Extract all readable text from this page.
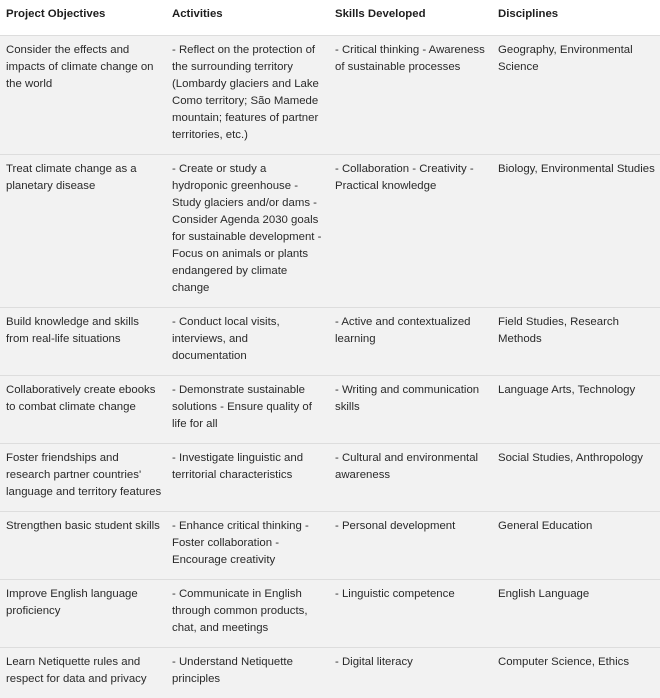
Project Objectives	Activities	Skills Developed	Disciplines
Consider the effects and impacts of climate change on the world	- Reflect on the protection of the surrounding territory (Lombardy glaciers and Lake Como territory; São Mamede mountain; features of partner territories, etc.)	- Critical thinking - Awareness of sustainable processes	Geography, Environmental Science
Treat climate change as a planetary disease	- Create or study a hydroponic greenhouse - Study glaciers and/or dams - Consider Agenda 2030 goals for sustainable development - Focus on animals or plants endangered by climate change	- Collaboration - Creativity - Practical knowledge	Biology, Environmental Studies
Build knowledge and skills from real-life situations	- Conduct local visits, interviews, and documentation	- Active and contextualized learning	Field Studies, Research Methods
Collaboratively create ebooks to combat climate change	- Demonstrate sustainable solutions - Ensure quality of life for all	- Writing and communication skills	Language Arts, Technology
Foster friendships and research partner countries' language and territory features	- Investigate linguistic and territorial characteristics	- Cultural and environmental awareness	Social Studies, Anthropology
Strengthen basic student skills	- Enhance critical thinking - Foster collaboration - Encourage creativity	- Personal development	General Education
Improve English language proficiency	- Communicate in English through common products, chat, and meetings	- Linguistic competence	English Language
Learn Netiquette rules and respect for data and privacy	- Understand Netiquette principles	- Digital literacy	Computer Science, Ethics
